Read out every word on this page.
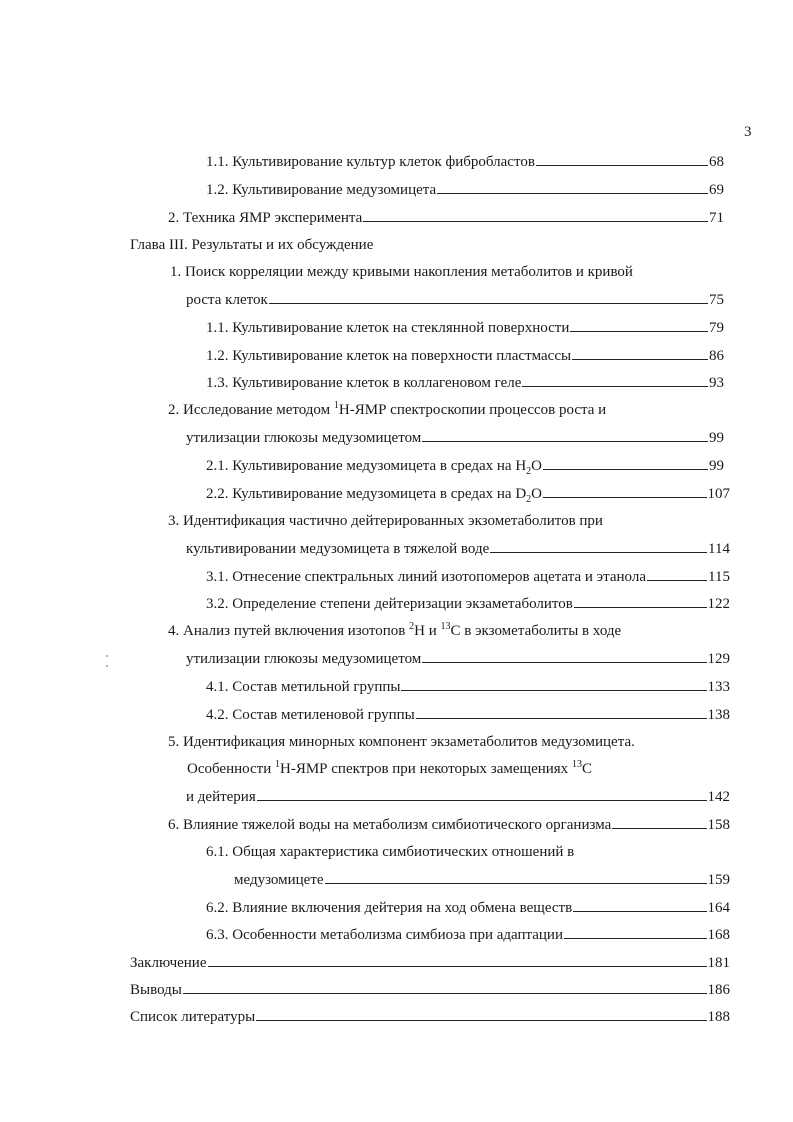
3
1.1. Культивирование культур клеток фибробластов	68
1.2. Культивирование медузомицета	69
2. Техника ЯМР эксперимента	71
Глава III. Результаты и их обсуждение
1. Поиск корреляции между кривыми накопления метаболитов и кривой
роста клеток	75
1.1. Культивирование клеток на стеклянной поверхности	79
1.2. Культивирование клеток на поверхности пластмассы	86
1.3. Культивирование клеток в коллагеновом геле	93
2. Исследование методом $^1$Н-ЯМР спектроскопии процессов роста и
утилизации глюкозы медузомицетом	99
2.1. Культивирование медузомицета в средах на $H_2O$	99
2.2. Культивирование медузомицета в средах на $D_2O$	107
3. Идентификация частично дейтерированных экзометаболитов при
культивировании медузомицета в тяжелой воде	114
3.1. Отнесение спектральных линий изотопомеров ацетата и этанола	115
3.2. Определение степени дейтеризации экзаметаболитов	122
4. Анализ путей включения изотопов $^2$H и $^{13}$C в экзометаболиты в ходе
утилизации глюкозы медузомицетом	129
4.1. Состав метильной группы	133
4.2. Состав метиленовой группы	138
5. Идентификация минорных компонент экзаметаболитов медузомицета.
Особенности $^1$Н-ЯМР спектров при некоторых замещениях $^{13}$C
и дейтерия	142
6. Влияние тяжелой воды на метаболизм симбиотического организма	158
6.1. Общая характеристика симбиотических отношений в
медузомицете	159
6.2. Влияние включения дейтерия на ход обмена веществ	164
6.3. Особенности метаболизма симбиоза при адаптации	168
Заключение	181
Выводы	186
Список литературы	188
